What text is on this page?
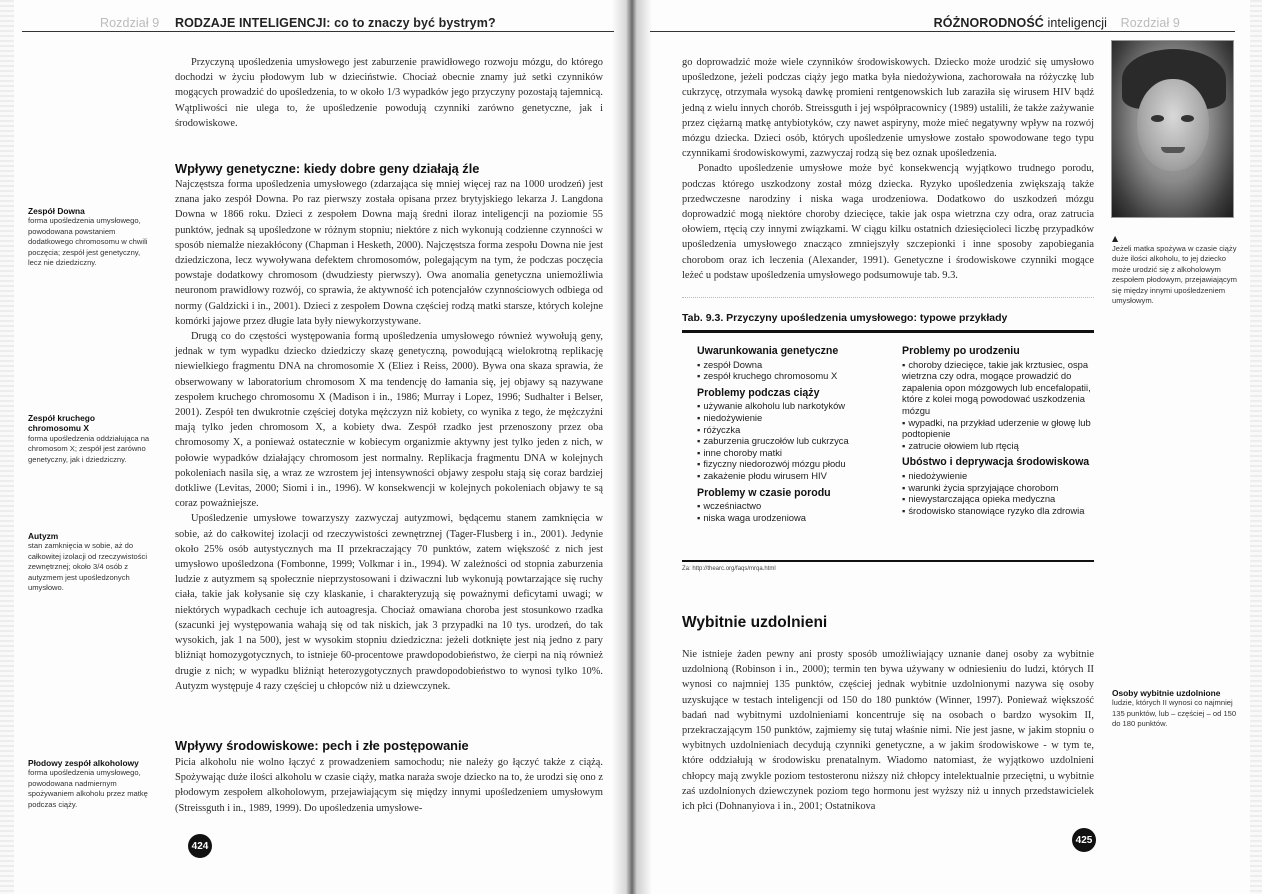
Rozdział 9 RODZAJE INTELIGENCJI: co to znaczy być bystrym?

Przyczyną upośledzenia umysłowego jest zaburzenie prawidłowego rozwoju mózgu, do którego dochodzi w życiu płodowym lub w dzieciństwie. Chociaż obecnie znamy już setki czynników mogących prowadzić do upośledzenia, to w około 1/3 wypadków jego przyczyny pozostają tajemnicą. Wątpliwości nie ulega to, że upośledzenie powodują czynniki zarówno genetyczne, jak i środowiskowe.

Wpływy genetyczne: kiedy dobre geny działają źle

Najczęstsza forma upośledzenia umysłowego (zdarzająca się mniej więcej raz na 1000 urodzeń) jest znana jako zespół Downa. Po raz pierwszy została opisana przez brytyjskiego lekarza J. Langdona Downa w 1866 roku. Dzieci z zespołem Downa mają średni iloraz inteligencji na poziomie 55 punktów, jednak są upośledzone w różnym stopniu; niektóre z nich wykonują codzienne czynności w sposób niemalże niezakłócony (Chapman i Hesketh, 2000). Najczęstsza forma zespołu Downa nie jest dziedziczona, lecz wywoływana defektem chromosomów, polegającym na tym, że podczas poczęcia powstaje dodatkowy chromosom (dwudziesty pierwszy). Owa anomalia genetyczna uniemożliwia neuronom prawidłowy rozwój, co sprawia, że aktywność ich potencjałów czynnościowych odbiega od normy (Galdzicki i in., 2001). Dzieci z zespołem Downa częściej rodzą matki starsze, których kolejne komórki jajowe przez długie lata były niewykorzystywane.

Drugą co do częstości występowania formą upośledzenia umysłowego również wywołują geny, jednak w tym wypadku dziecko dziedziczy skazę genetyczną, powodującą wielokrotną replikację niewielkiego fragmentu DNA na chromosomie X (Eliez i Reiss, 2000). Bywa ona skaza sprawia, że obserwowany w laboratorium chromosom X ma tendencję do łamania się, jej objawy są nazywane zespołem kruchego chromosomu X (Madison i in., 1986; Murray i Lopez, 1996; Sudhalter i Belser, 2001). Zespół ten dwukrotnie częściej dotyka mężczyzn niż kobiety, co wynika z tego, że mężczyźni mają tylko jeden chromosom X, a kobiety dwa. Zespół rzadko jest przenoszony przez oba chromosomy X, a ponieważ ostatecznie w kobiecym organizmie aktywny jest tylko jeden z nich, w połowie wypadków działający chromosom jest normalny. Replikacja fragmentu DNA w kolejnych pokoleniach nasila się, a wraz ze wzrostem jej intensywności objawy zespołu stają się coraz bardziej dotkliwe (Levitas, 2000; Siomi i in., 1996). W konsekwencji w kolejnych pokoleniach objawy te są coraz poważniejsze.

Upośledzenie umysłowe towarzyszy zazwyczaj autyzmowi, będącemu stanem zamknięcia w sobie, aż do całkowitej izolacji od rzeczywistości zewnętrznej (Tager-Flusberg i in., 2001). Jedynie około 25% osób autystycznych ma II przekraczający 70 punktów, zatem większość z nich jest umysłowo upośledzona (Fombonne, 1999; Volkmar i in., 1994). W zależności od stopnia zaburzenia ludzie z autyzmem są społecznie nieprzystosowani i dziwaczni lub wykonują powtarzające się ruchy ciała, takie jak kołysanie się czy klaskanie, i charakteryzują się poważnymi deficytami uwagi; w niektórych wypadkach cechuje ich autoagresja. Chociaż omawiana choroba jest stosunkowo rzadka (szacunki jej występowania wahają się od tak niskich, jak 3 przypadki na 10 tys. urodzeń, do tak wysokich, jak 1 na 500), jest w wysokim stopniu dziedziczna: jeżeli dotknięte jest nią jedno z pary bliźniąt homozygotycznych, to istnieje 60-procentowe prawdopodobieństwo, że cierpi na nią również drugie z nich; w wypadku bliźniąt heterozygotycznych prawdopodobieństwo to wynosi tylko 10%. Autyzm występuje 4 razy częściej u chłopców niż u dziewczynek.

Wpływy środowiskowe: pech i złe postępowanie

Picia alkoholu nie wolno łączyć z prowadzeniem samochodu; nie należy go łączyć także z ciążą. Spożywając duże ilości alkoholu w czasie ciąży, matka naraża swoje dziecko na to, że urodzi się ono z płodowym zespołem alkoholowym, przejawiającym się między innymi upośledzeniem umysłowym (Streissguth i in., 1989, 1999). Do upośledzenia umysłowe-

Zespół Downa
forma upośledzenia umysłowego, powodowana powstaniem dodatkowego chromosomu w chwili poczęcia; zespół jest genetyczny, lecz nie dziedziczny.
Zespół kruchego chromosomu X
forma upośledzenia oddziałująca na chromosom X; zespół jest zarówno genetyczny, jak i dziedziczny.
Autyzm
stan zamknięcia w sobie, aż do całkowitej izolacji od rzeczywistości zewnętrznej; około 3/4 osób z autyzmem jest upośledzonych umysłowo.
Płodowy zespół alkoholowy
forma upośledzenia umysłowego, powodowana nadmiernym spożywaniem alkoholu przez matkę podczas ciąży.
424
RÓŻNORODNOŚĆ inteligencji Rozdział 9

go doprowadzić może wiele czynników środowiskowych. Dziecko może urodzić się umysłowo upośledzone, jeżeli podczas ciąży jego matka była niedożywiona, zachorowała na różyczkę lub cukrzycę, otrzymała wysoką dawkę promieni rentgenowskich lub zaraziła się wirusem HIV bądź jedną z wielu innych chorób. Streissguth i jej współpracownicy (1989) ustalili, że także zażywanie przez ciężarną matkę antybiotyków, czy nawet aspiryny, może mieć negatywny wpływ na rozwój mózgu dziecka. Dzieci osób, których upośledzenie umysłowe zostało spowodowane tego typu czynnikami środowiskowymi, zazwyczaj rodzą się bez oznak upośledzenia.

Ponadto upośledzenie umysłowe może być konsekwencją wyjątkowo trudnego porodu, podczas którego uszkodzony został mózg dziecka. Ryzyko upośledzenia zwiększają także przedwczesne narodziny i niska waga urodzeniowa. Dodatkowo do uszkodzeń mózgu doprowadzić mogą niektóre choroby dziecięce, takie jak ospa wietrzna czy odra, oraz zatrucia ołowiem, rtęcią czy innymi związkami. W ciągu kilku ostatnich dziesięcioleci liczbę przypadków upośledzenia umysłowego znacząco zmniejszyły szczepionki i inne sposoby zapobiegania chorobom oraz ich leczenia (Alexander, 1991). Genetyczne i środowiskowe czynniki mogące leżeć u podstaw upośledzenia umysłowego podsumowuje tab. 9.3.

Tab. 9.3. Przyczyny upośledzenia umysłowego: typowe przykłady
Uwarunkowania genetyczne
▪ zespół Downa
▪ zespół kruchego chromosomu X
Problemy podczas ciąży
▪ używanie alkoholu lub narkotyków
▪ niedożywienie
▪ różyczka
▪ zaburzenia gruczołów lub cukrzyca
▪ inne choroby matki
▪ fizyczny niedorozwój mózgu płodu
▪ zakażenie płodu wirusem HIV
Problemy w czasie porodu
▪ wcześniactwo
▪ niska waga urodzeniowa
Problemy po urodzeniu
▪ choroby dziecięce, takie jak krztusiec, ospa wietrzna czy odra, mogące prowadzić do zapalenia opon mózgowych lub encefalopatii, które z kolei mogą powodować uszkodzenia mózgu
▪ wypadki, na przykład uderzenie w głowę lub podtopienie
▪ zatrucie ołowiem lub rtęcią
Ubóstwo i deprywacja środowiskowa
▪ niedożywienie
▪ warunki życia sprzyjające chorobom
▪ niewystarczająca opieka medyczna
▪ środowisko stanowiące ryzyko dla zdrowia
Za: http://thearc.org/faqs/mrqa.html
Wybitnie uzdolnieni

Nie istnieje żaden pewny ani prosty sposób umożliwiający uznanie danej osoby za wybitnie uzdolnioną (Robinson i in., 2000); termin ten bywa używany w odniesieniu do ludzi, których II wynosi co najmniej 135 punktów, częściej jednak wybitnie uzdolnionymi nazywa się osoby uzyskujące w testach inteligencji od 150 do 180 punktów (Winner, 1997). Ponieważ większość badań nad wybitnymi uzdolnieniami koncentruje się na osobach o bardzo wysokim II, przekraczającym 150 punktów, zajmiemy się tutaj właśnie nimi. Nie jest jasne, w jakim stopniu o wybitnych uzdolnieniach decydują czynniki genetyczne, a w jakim środowiskowe - w tym te, które oddziałują w środowisku prenatalnym. Wiadomo natomiast, że wyjątkowo uzdolnieni chłopcy mają zwykle poziom testosteronu niższy niż chłopcy intelektualnie przeciętni, u wybitnie zaś uzdolnionych dziewczynek poziom tego hormonu jest wyższy niż u innych przedstawicielek ich płci (Dohnanyiova i in., 2001; Ostatnikova

▲
Jeżeli matka spożywa w czasie ciąży duże ilości alkoholu, to jej dziecko może urodzić się z alkoholowym zespołem płodowym, przejawiającym się między innymi upośledzeniem umysłowym.
Osoby wybitnie uzdolnione
ludzie, których II wynosi co najmniej 135 punktów, lub – częściej – od 150 do 180 punktów.
425
